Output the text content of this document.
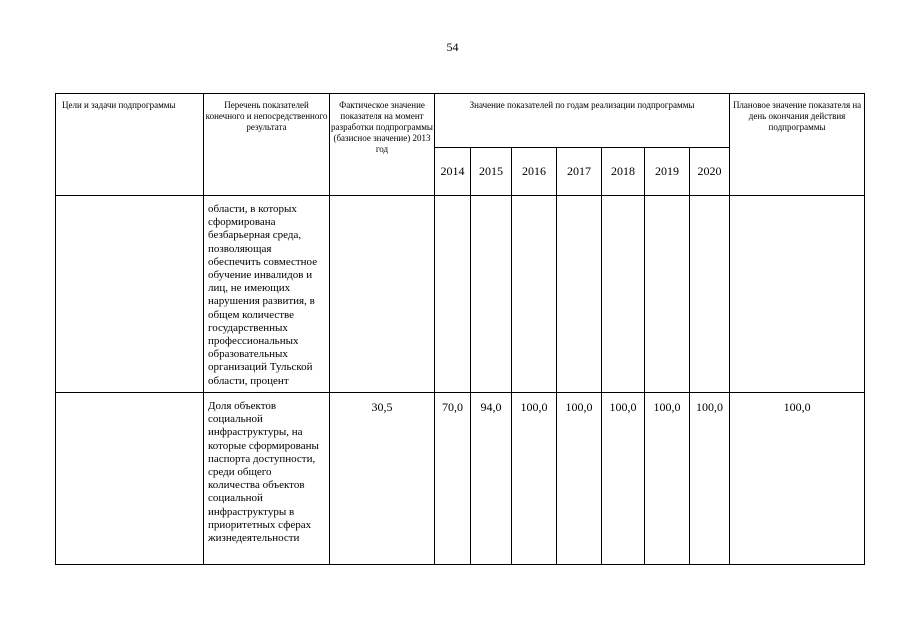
54
Цели и задачи подпрограммы	Перечень показателей конечного и непосредственного результата	Фактическое значение показателя на момент разработки подпрограммы (базисное значение) 2013 год	Значение показателей по годам реализации подпрограммы							Плановое значение показателя на день окончания действия подпрограммы
			2014	2015	2016	2017	2018	2019	2020	
	области, в которых сформирована безбарьерная среда, позволяющая обеспечить совместное обучение инвалидов и лиц, не имеющих нарушения развития, в общем количестве государственных профессиональных образовательных организаций Тульской области, процент									
	Доля объектов социальной инфраструктуры, на которые сформированы паспорта доступности, среди общего количества объектов социальной инфраструктуры в приоритетных сферах жизнедеятельности	30,5	70,0	94,0	100,0	100,0	100,0	100,0	100,0	100,0
